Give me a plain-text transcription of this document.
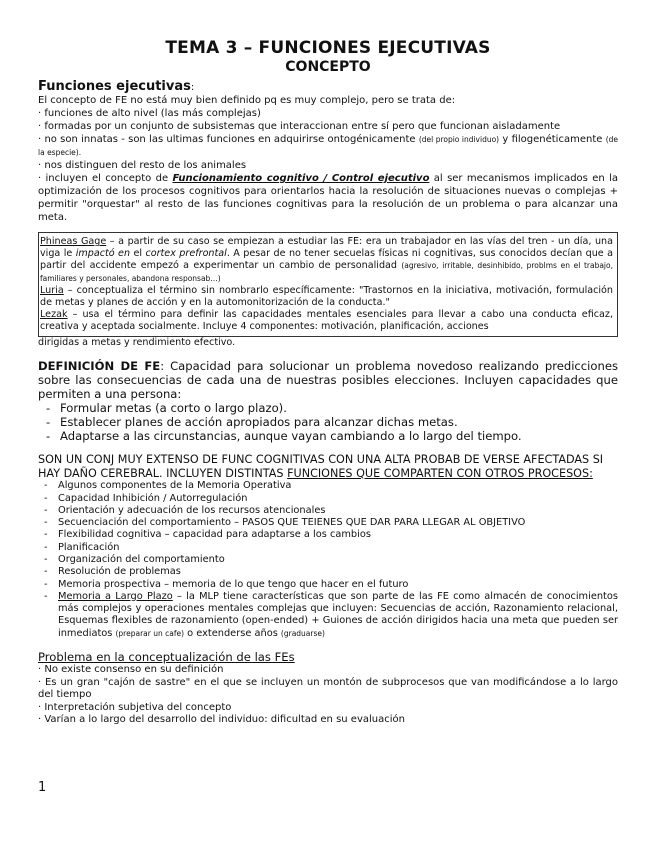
TEMA 3 – FUNCIONES EJECUTIVAS
CONCEPTO

Funciones ejecutivas:

El concepto de FE no está muy bien definido pq es muy complejo, pero se trata de:

· funciones de alto nivel (las más complejas)

· formadas por un conjunto de subsistemas que interaccionan entre sí pero que funcionan aisladamente

· no son innatas - son las ultimas funciones en adquirirse ontogénicamente (del propio individuo) y filogenéticamente (de la especie).

· nos distinguen del resto de los animales

· incluyen el concepto de Funcionamiento cognitivo / Control ejecutivo al ser mecanismos implicados en la optimización de los procesos cognitivos para orientarlos hacia la resolución de situaciones nuevas o complejas + permitir "orquestar" al resto de las funciones cognitivas para la resolución de un problema o para alcanzar una meta.

Phineas Gage – a partir de su caso se empiezan a estudiar las FE: era un trabajador en las vías del tren - un día, una viga le impactó en el cortex prefrontal. A pesar de no tener secuelas físicas ni cognitivas, sus conocidos decían que a partir del accidente empezó a experimentar un cambio de personalidad (agresivo, irritable, desinhibido, problms en el trabajo, familiares y personales, abandona responsab…)

Luria – conceptualiza el término sin nombrarlo específicamente: "Trastornos en la iniciativa, motivación, formulación de metas y planes de acción y en la automonitorización de la conducta."

Lezak – usa el término para definir las capacidades mentales esenciales para llevar a cabo una conducta eficaz, creativa y aceptada socialmente. Incluye 4 componentes: motivación, planificación, acciones

dirigidas a metas y rendimiento efectivo.

DEFINICIÓN DE FE: Capacidad para solucionar un problema novedoso realizando predicciones sobre las consecuencias de cada una de nuestras posibles elecciones. Incluyen capacidades que permiten a una persona:

- Formular metas (a corto o largo plazo).
- Establecer planes de acción apropiados para alcanzar dichas metas.
- Adaptarse a las circunstancias, aunque vayan cambiando a lo largo del tiempo.

SON UN CONJ MUY EXTENSO DE FUNC COGNITIVAS CON UNA ALTA PROBAB DE VERSE AFECTADAS SI HAY DAÑO CEREBRAL. INCLUYEN DISTINTAS FUNCIONES QUE COMPARTEN CON OTROS PROCESOS:

- Algunos componentes de la Memoria Operativa
- Capacidad Inhibición / Autorregulación
- Orientación y adecuación de los recursos atencionales
- Secuenciación del comportamiento – PASOS QUE TEIENES QUE DAR PARA LLEGAR AL OBJETIVO
- Flexibilidad cognitiva – capacidad para adaptarse a los cambios
- Planificación
- Organización del comportamiento
- Resolución de problemas
- Memoria prospectiva – memoria de lo que tengo que hacer en el futuro
- Memoria a Largo Plazo – la MLP tiene características que son parte de las FE como almacén de conocimientos más complejos y operaciones mentales complejas que incluyen: Secuencias de acción, Razonamiento relacional, Esquemas flexibles de razonamiento (open-ended) + Guiones de acción dirigidos hacia una meta que pueden ser inmediatos (preparar un cafe) o extenderse años (graduarse)

Problema en la conceptualización de las FEs

· No existe consenso en su definición

· Es un gran "cajón de sastre" en el que se incluyen un montón de subprocesos que van modificándose a lo largo del tiempo

· Interpretación subjetiva del concepto

· Varían a lo largo del desarrollo del individuo: dificultad en su evaluación

1
